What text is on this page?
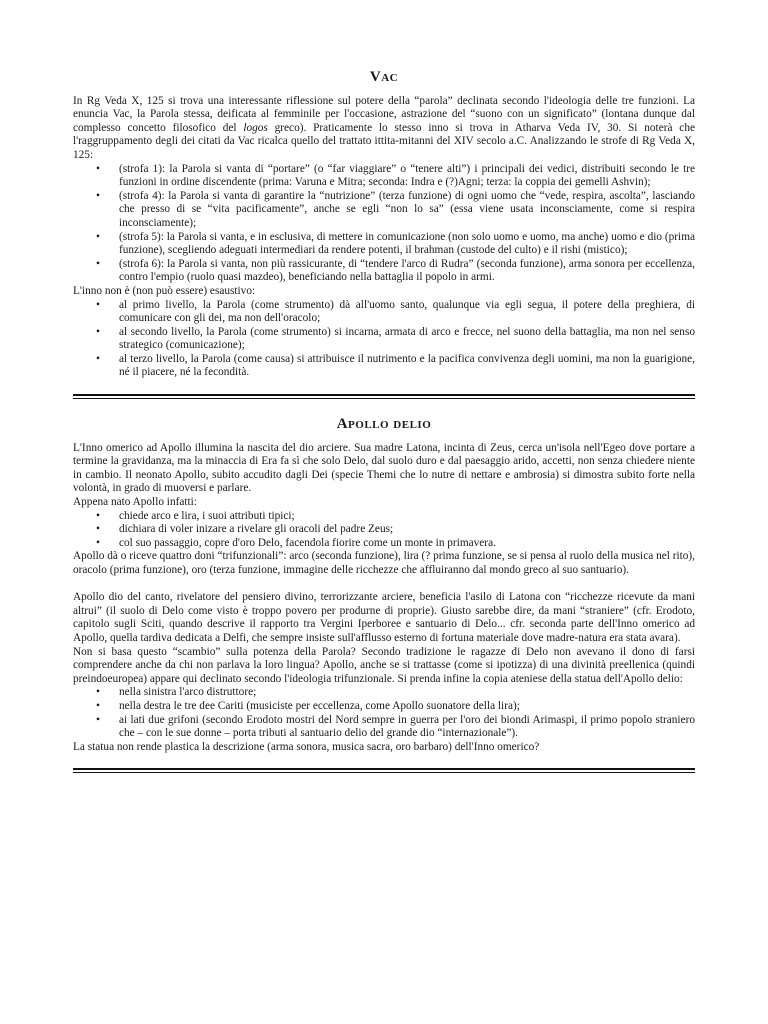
Vac

In Rg Veda X, 125 si trova una interessante riflessione sul potere della “parola” declinata secondo l'ideologia delle tre funzioni. La enuncia Vac, la Parola stessa, deificata al femminile per l'occasione, astrazione del “suono con un significato” (lontana dunque dal complesso concetto filosofico del logos greco). Praticamente lo stesso inno si trova in Atharva Veda IV, 30. Si noterà che l'raggruppamento degli dei citati da Vac ricalca quello del trattato ittita-mitanni del XIV secolo a.C. Analizzando le strofe di Rg Veda X, 125:

• (strofa 1): la Parola si vanta di “portare” (o “far viaggiare” o “tenere alti”) i principali dei vedici, distribuiti secondo le tre funzioni in ordine discendente (prima: Varuna e Mitra; seconda: Indra e (?)Agni; terza: la coppia dei gemelli Ashvin);
• (strofa 4): la Parola si vanta di garantire la “nutrizione” (terza funzione) di ogni uomo che “vede, respira, ascolta”, lasciando che presso di se “vita pacificamente”, anche se egli “non lo sa” (essa viene usata inconsciamente, come si respira inconsciamente);
• (strofa 5): la Parola si vanta, e in esclusiva, di mettere in comunicazione (non solo uomo e uomo, ma anche) uomo e dio (prima funzione), scegliendo adeguati intermediari da rendere potenti, il brahman (custode del culto) e il rishi (mistico);
• (strofa 6): la Parola si vanta, non più rassicurante, di “tendere l'arco di Rudra” (seconda funzione), arma sonora per eccellenza, contro l'empio (ruolo quasi mazdeo), beneficiando nella battaglia il popolo in armi.

L'inno non è (non può essere) esaustivo:

• al primo livello, la Parola (come strumento) dà all'uomo santo, qualunque via egli segua, il potere della preghiera, di comunicare con gli dei, ma non dell'oracolo;
• al secondo livello, la Parola (come strumento) si incarna, armata di arco e frecce, nel suono della battaglia, ma non nel senso strategico (comunicazione);
• al terzo livello, la Parola (come causa) si attribuisce il nutrimento e la pacifica convivenza degli uomini, ma non la guarigione, né il piacere, né la fecondità.
Apollo delio

L'Inno omerico ad Apollo illumina la nascita del dio arciere. Sua madre Latona, incinta di Zeus, cerca un'isola nell'Egeo dove portare a termine la gravidanza, ma la minaccia di Era fa sì che solo Delo, dal suolo duro e dal paesaggio arido, accetti, non senza chiedere niente in cambio. Il neonato Apollo, subito accudito dagli Dei (specie Themi che lo nutre di nettare e ambrosia) si dimostra subito forte nella volontà, in grado di muoversi e parlare.

Appena nato Apollo infatti:

• chiede arco e lira, i suoi attributi tipici;
• dichiara di voler inizare a rivelare gli oracoli del padre Zeus;
• col suo passaggio, copre d'oro Delo, facendola fiorire come un monte in primavera.

Apollo dà o riceve quattro doni “trifunzionali”: arco (seconda funzione), lira (? prima funzione, se si pensa al ruolo della musica nel rito), oracolo (prima funzione), oro (terza funzione, immagine delle ricchezze che affluiranno dal mondo greco al suo santuario).

Apollo dio del canto, rivelatore del pensiero divino, terrorizzante arciere, beneficia l'asilo di Latona con “ricchezze ricevute da mani altrui” (il suolo di Delo come visto è troppo povero per produrne di proprie). Giusto sarebbe dire, da mani “straniere” (cfr. Erodoto, capitolo sugli Sciti, quando descrive il rapporto tra Vergini Iperboree e santuario di Delo... cfr. seconda parte dell'Inno omerico ad Apollo, quella tardiva dedicata a Delfi, che sempre insiste sull'afflusso esterno di fortuna materiale dove madre-natura era stata avara).

Non si basa questo “scambio” sulla potenza della Parola? Secondo tradizione le ragazze di Delo non avevano il dono di farsi comprendere anche da chi non parlava la loro lingua? Apollo, anche se si trattasse (come si ipotizza) di una divinità preellenica (quindi preindoeuropea) appare qui declinato secondo l'ideologia trifunzionale. Si prenda infine la copia ateniese della statua dell'Apollo delio:

• nella sinistra l'arco distruttore;
• nella destra le tre dee Cariti (musiciste per eccellenza, come Apollo suonatore della lira);
• ai lati due grifoni (secondo Erodoto mostri del Nord sempre in guerra per l'oro dei biondi Arimaspi, il primo popolo straniero che – con le sue donne – porta tributi al santuario delio del grande dio “internazionale”).

La statua non rende plastica la descrizione (arma sonora, musica sacra, oro barbaro) dell'Inno omerico?
